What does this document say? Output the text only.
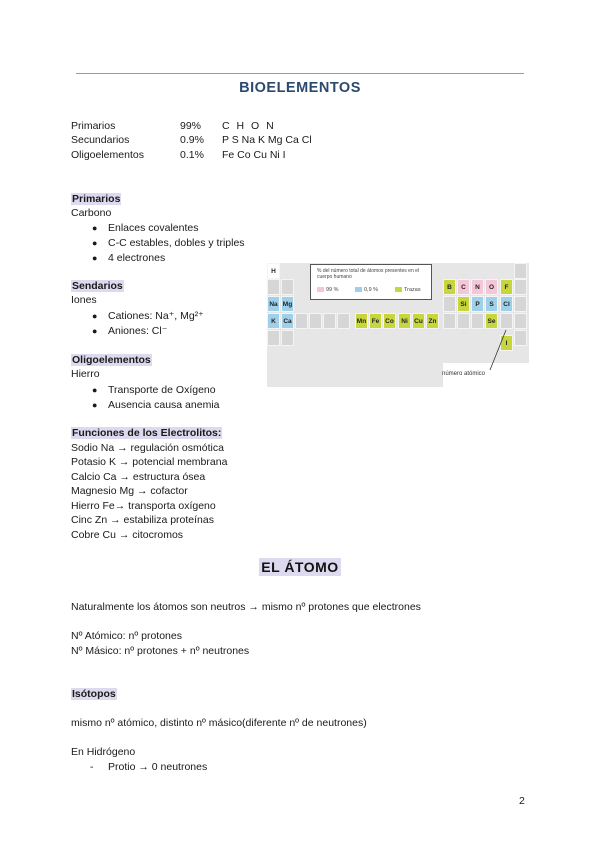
BIOELEMENTOS
Primarios	99% C H O N
Secundarios	0.9% P S Na K Mg Ca Cl
Oligoelementos	0.1% Fe Co Cu Ni I
Primarios
Carbono
● Enlaces covalentes
● C-C estables, dobles y triples
● 4 electrones
Sendarios
Iones
● Cationes: Na⁺, Mg²⁺
● Aniones: Cl⁻
Oligoelementos
Hierro
● Transporte de Oxígeno
● Ausencia causa anemia
Funciones de los Electrolitos:
Sodio Na → regulación osmótica
Potasio K → potencial membrana
Calcio Ca → estructura ósea
Magnesio Mg → cofactor
Hierro Fe→ transporta oxígeno
Cinc Zn → estabiliza proteínas
Cobre Cu → citocromos
H
B	C	N	O	F
Na Mg	Si	P	S	Cl
K	Ca	Mn Fe Co	Ni Cu Zn	Se
I
% del número total de átomos presentes en el cuerpo humano
99 %	0,9 %	Trazas
número atómico
EL ÁTOMO
Naturalmente los átomos son neutros → mismo nº protones que electrones
Nº Atómico: nº protones
Nº Másico: nº protones + nº neutrones
Isótopos
mismo nº atómico, distinto nº másico(diferente nº de neutrones)
En Hidrógeno
- Protio → 0 neutrones
2
